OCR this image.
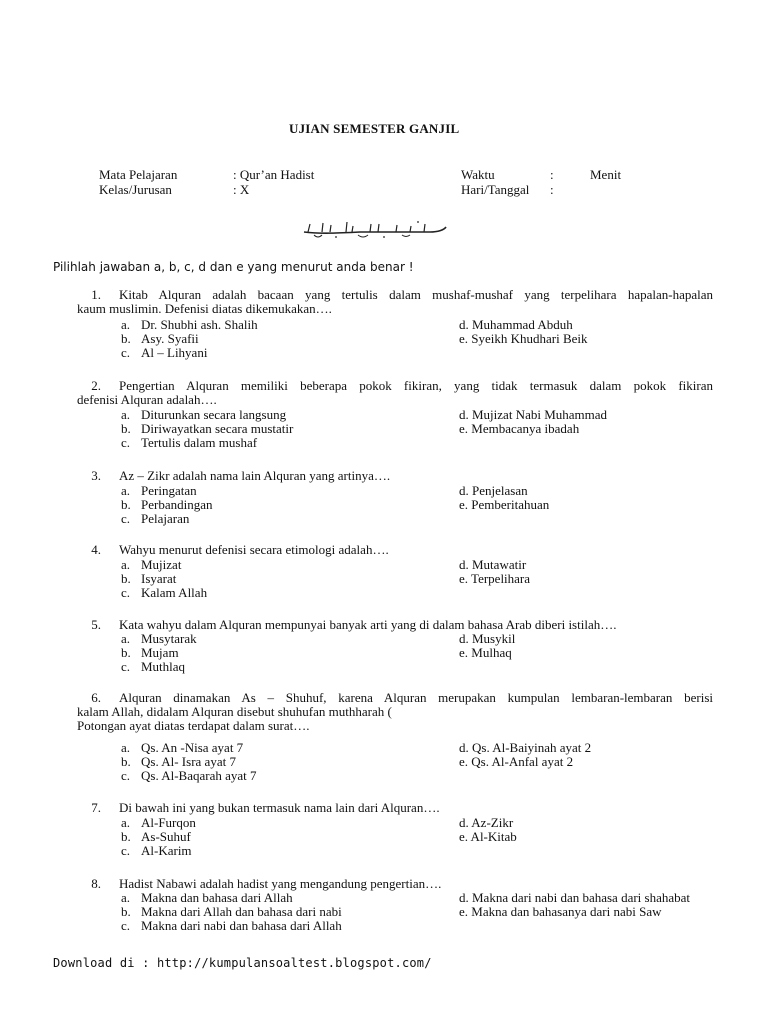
UJIAN SEMESTER GANJIL
Mata Pelajaran	: Qur’an Hadist
Kelas/Jurusan	: X
Waktu	:	Menit
Hari/Tanggal :
Pilihlah jawaban a, b, c, d dan e yang menurut anda benar !
1. Kitab Alquran adalah bacaan yang tertulis dalam mushaf-mushaf yang terpelihara hapalan-hapalan
kaum muslimin. Defenisi diatas dikemukakan….
a. Dr. Shubhi ash. Shalih
b. Asy. Syafii
c. Al – Lihyani
d. Muhammad Abduh
e. Syeikh Khudhari Beik
2. Pengertian Alquran memiliki beberapa pokok fikiran, yang tidak termasuk dalam pokok fikiran
defenisi Alquran adalah….
a. Diturunkan secara langsung
b. Diriwayatkan secara mustatir
c. Tertulis dalam mushaf
d. Mujizat Nabi Muhammad
e. Membacanya ibadah
3. Az – Zikr adalah nama lain Alquran yang artinya….
a. Peringatan
b. Perbandingan
c. Pelajaran
d. Penjelasan
e. Pemberitahuan
4. Wahyu menurut defenisi secara etimologi adalah….
a. Mujizat
b. Isyarat
c. Kalam Allah
d. Mutawatir
e. Terpelihara
5. Kata wahyu dalam Alquran mempunyai banyak arti yang di dalam bahasa Arab diberi istilah….
a. Musytarak
b. Mujam
c. Muthlaq
d. Musykil
e. Mulhaq
6. Alquran dinamakan As – Shuhuf, karena Alquran merupakan kumpulan lembaran-lembaran berisi
kalam Allah, didalam Alquran disebut shuhufan muthharah (
Potongan ayat diatas terdapat dalam surat….
a. Qs. An -Nisa ayat 7
b. Qs. Al- Isra ayat 7
c. Qs. Al-Baqarah ayat 7
d. Qs. Al-Baiyinah ayat 2
e. Qs. Al-Anfal ayat 2
7. Di bawah ini yang bukan termasuk nama lain dari Alquran….
a. Al-Furqon
b. As-Suhuf
c. Al-Karim
d. Az-Zikr
e. Al-Kitab
8. Hadist Nabawi adalah hadist yang mengandung pengertian….
a. Makna dan bahasa dari Allah
b. Makna dari Allah dan bahasa dari nabi
c. Makna dari nabi dan bahasa dari Allah
d. Makna dari nabi dan bahasa dari shahabat
e. Makna dan bahasanya dari nabi Saw
Download di : http://kumpulansoaltest.blogspot.com/
